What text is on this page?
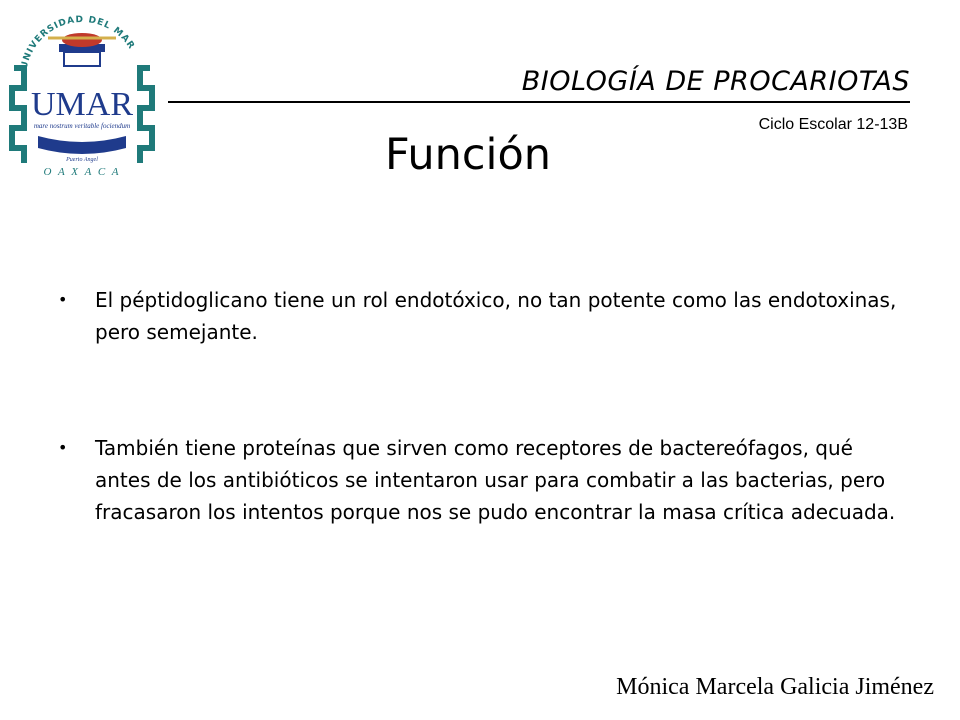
UNIVERSIDAD DEL MAR
UMAR
mare nostrum veritable fociendum
Puerto Angel
O A X A C A
BIOLOGÍA DE PROCARIOTAS
Ciclo Escolar 12-13B
Función
• El péptidoglicano tiene un rol endotóxico, no tan potente como las endotoxinas, pero semejante.
• También tiene proteínas que sirven como receptores de bactereófagos, qué antes de los antibióticos se intentaron usar para combatir a las bacterias, pero fracasaron los intentos porque nos se pudo encontrar la masa crítica adecuada.
Mónica Marcela Galicia Jiménez
